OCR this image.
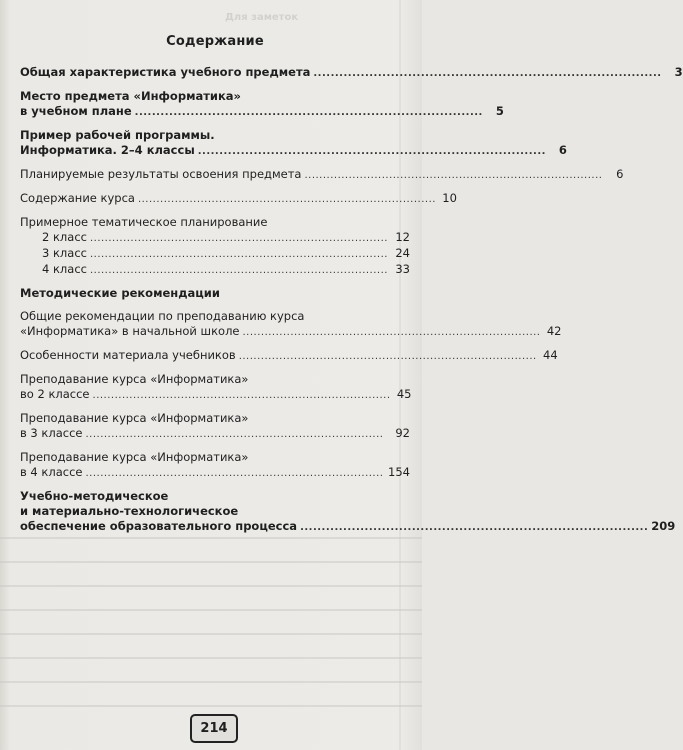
Для заметок
Содержание
Общая характеристика учебного предмета .................................................................................	3
Место предмета «Информатика»
в учебном плане .................................................................................	5
Пример рабочей программы.
Информатика. 2–4 классы .................................................................................	6
Планируемые результаты освоения предмета .................................................................................	6
Содержание курса ................................................................................. 10
Примерное тематическое планирование
2 класс ................................................................................. 12
3 класс ................................................................................. 24
4 класс ................................................................................. 33
Методические рекомендации
Общие рекомендации по преподаванию курса
«Информатика» в начальной школе ................................................................................. 42
Особенности материала учебников ................................................................................. 44
Преподавание курса «Информатика»
во 2 классе ................................................................................. 45
Преподавание курса «Информатика»
в 3 классе .................................................................................	92
Преподавание курса «Информатика»
в 4 классе ................................................................................. 154
Учебно-методическое
и материально-технологическое
обеспечение образовательного процесса ................................................................................. 209
214
